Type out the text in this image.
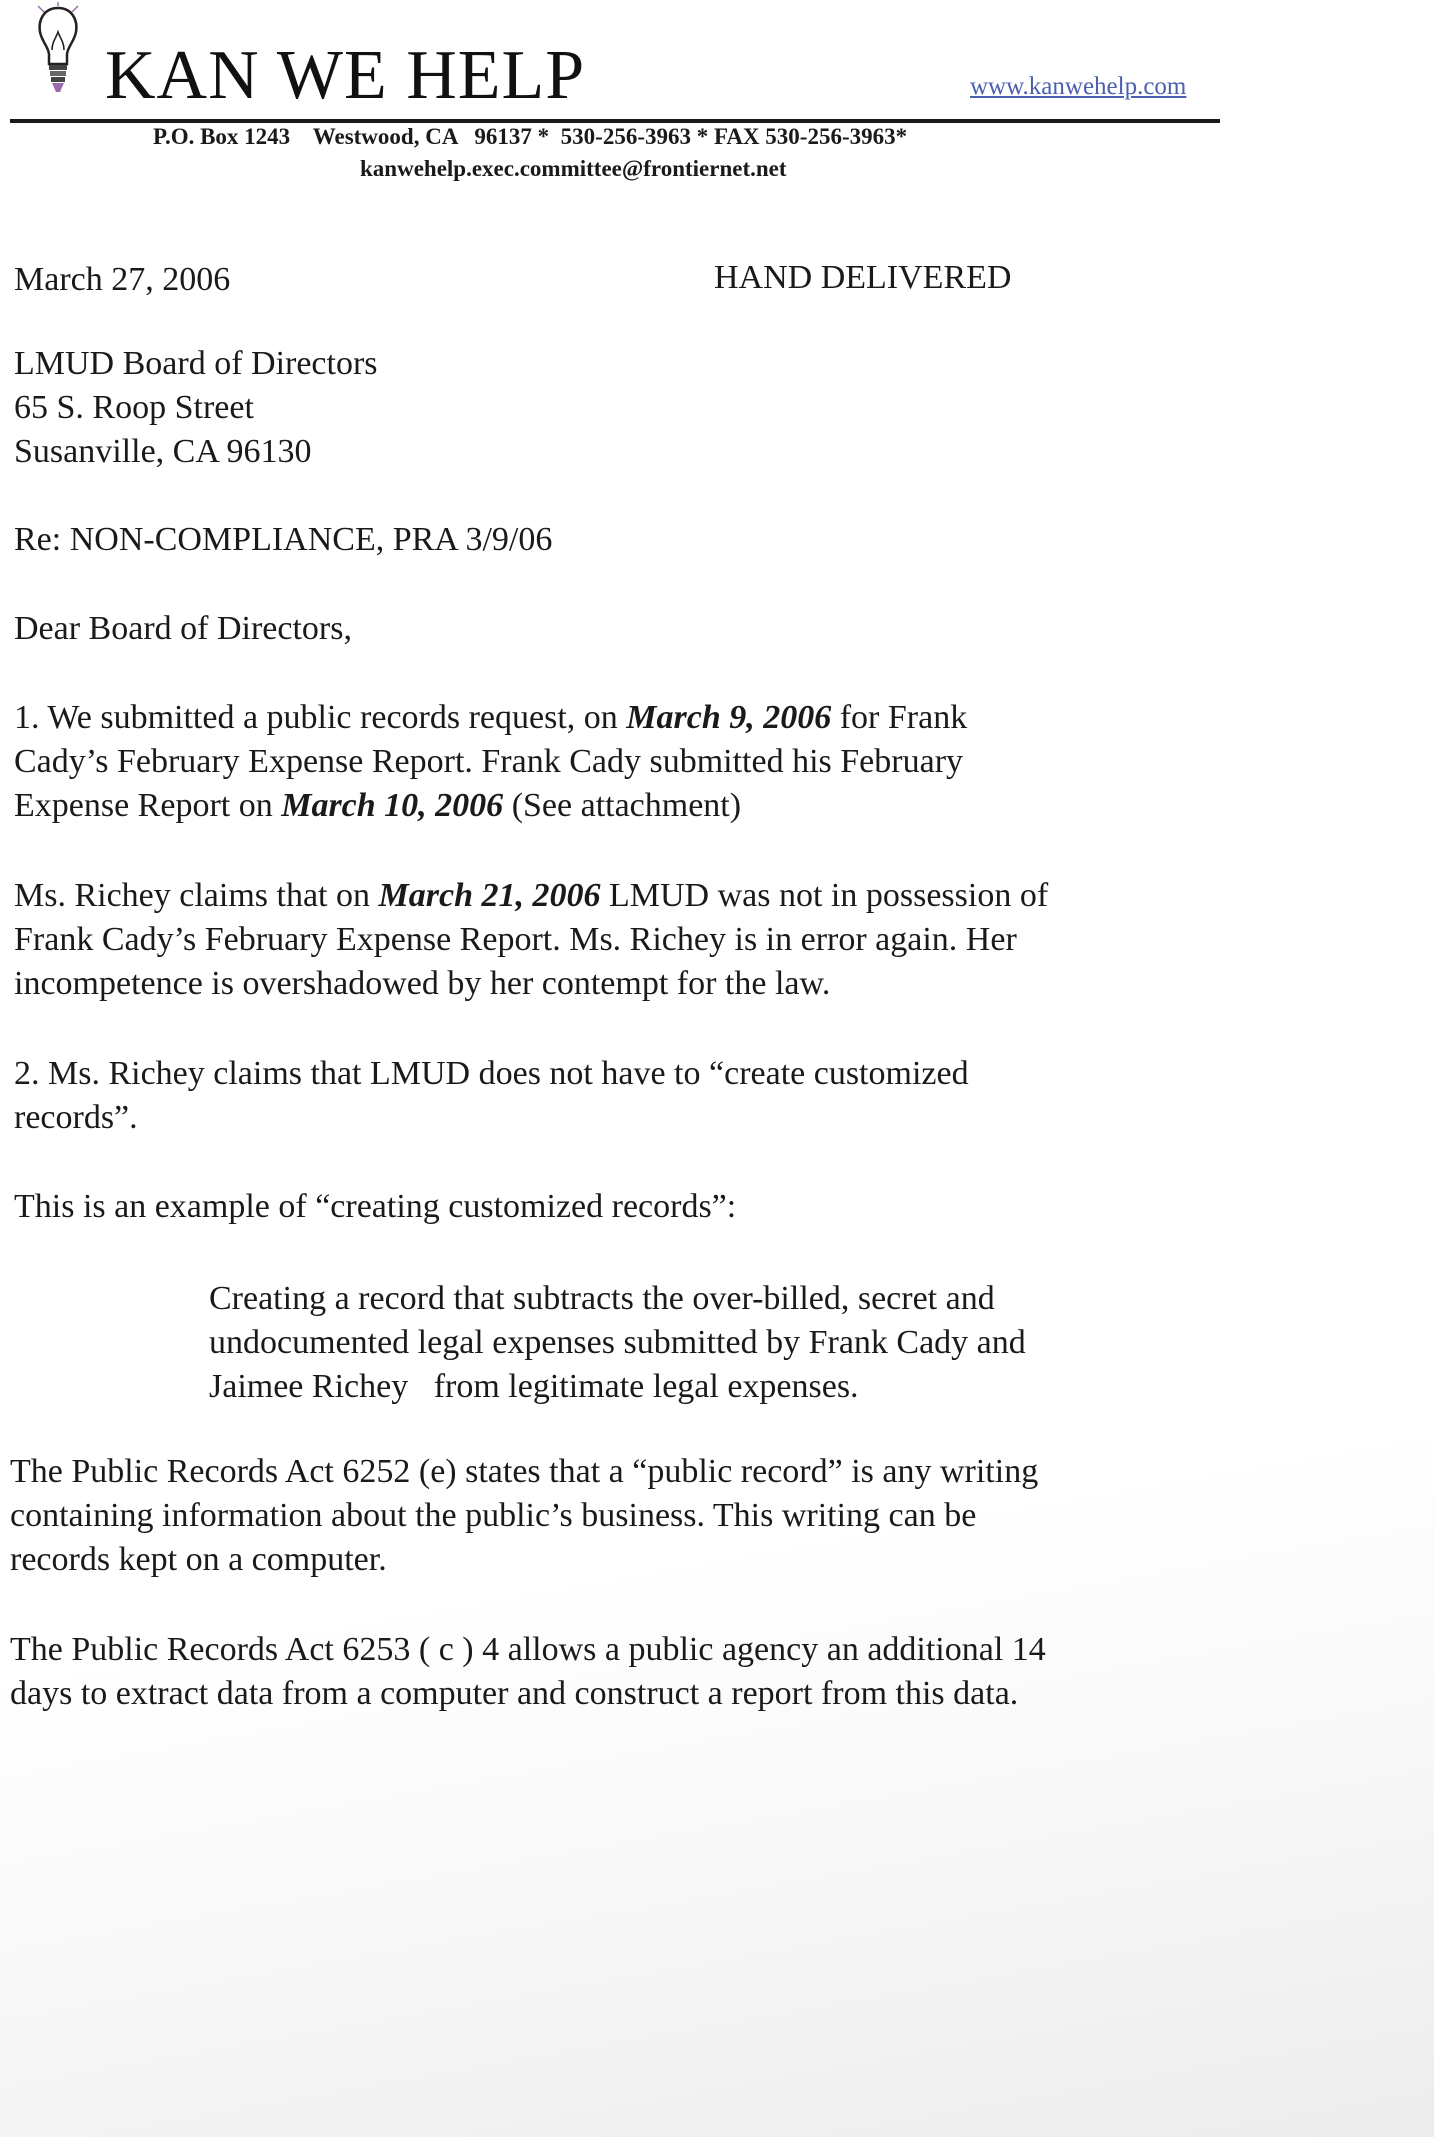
KAN WE HELP	www.kanwehelp.com
P.O. Box 1243    Westwood, CA   96137 *  530-256-3963 * FAX 530-256-3963*
kanwehelp.exec.committee@frontiernet.net
March 27, 2006	HAND DELIVERED
LMUD Board of Directors
65 S. Roop Street
Susanville, CA 96130
Re: NON-COMPLIANCE, PRA 3/9/06
Dear Board of Directors,
1. We submitted a public records request, on March 9, 2006 for Frank
Cady’s February Expense Report. Frank Cady submitted his February
Expense Report on March 10, 2006 (See attachment)
Ms. Richey claims that on March 21, 2006 LMUD was not in possession of
Frank Cady’s February Expense Report. Ms. Richey is in error again. Her
incompetence is overshadowed by her contempt for the law.
2. Ms. Richey claims that LMUD does not have to “create customized
records”.
This is an example of “creating customized records”:
Creating a record that subtracts the over-billed, secret and
undocumented legal expenses submitted by Frank Cady and
Jaimee Richey   from legitimate legal expenses.
The Public Records Act 6252 (e) states that a “public record” is any writing
containing information about the public’s business. This writing can be
records kept on a computer.
The Public Records Act 6253 ( c ) 4 allows a public agency an additional 14
days to extract data from a computer and construct a report from this data.
